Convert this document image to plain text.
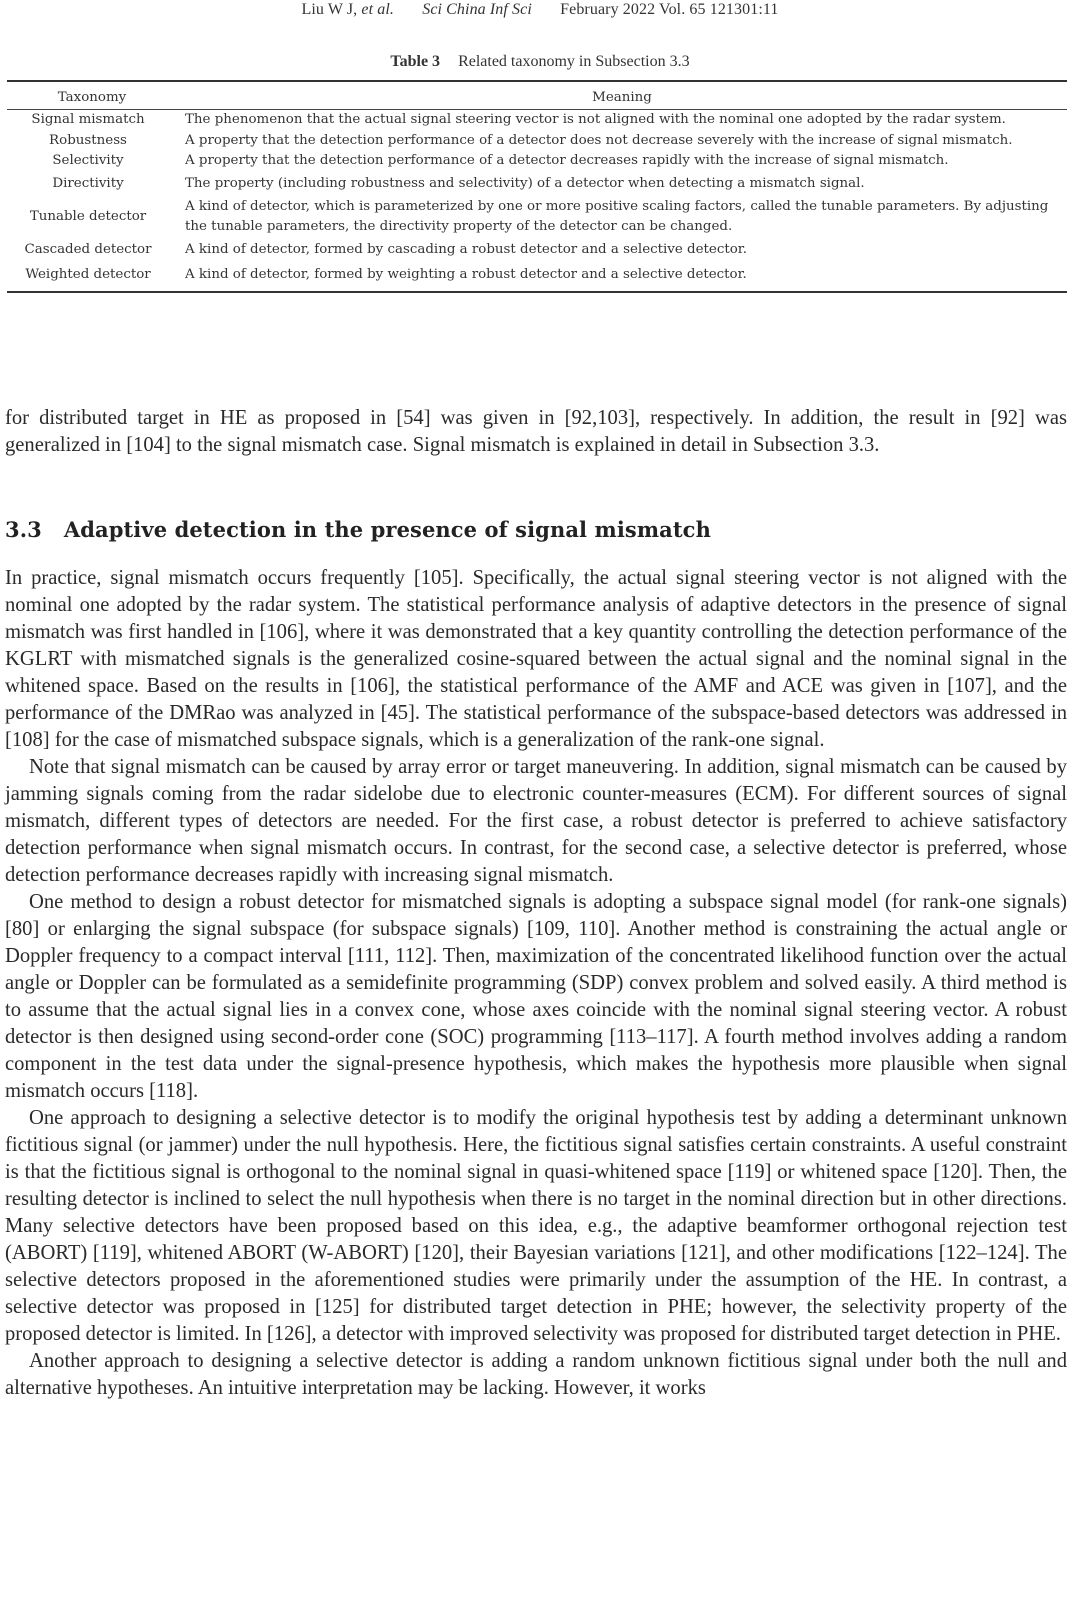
Liu W J, et al. Sci China Inf Sci February 2022 Vol. 65 121301:11
Table 3 Related taxonomy in Subsection 3.3
Taxonomy	Meaning
Signal mismatch	The phenomenon that the actual signal steering vector is not aligned with the nominal one adopted by the radar system.
Robustness	A property that the detection performance of a detector does not decrease severely with the increase of signal mismatch.
Selectivity	A property that the detection performance of a detector decreases rapidly with the increase of signal mismatch.
Directivity	The property (including robustness and selectivity) of a detector when detecting a mismatch signal.
Tunable detector	A kind of detector, which is parameterized by one or more positive scaling factors, called the tunable parameters. By adjusting the tunable parameters, the directivity property of the detector can be changed.
Cascaded detector	A kind of detector, formed by cascading a robust detector and a selective detector.
Weighted detector	A kind of detector, formed by weighting a robust detector and a selective detector.

for distributed target in HE as proposed in [54] was given in [92,103], respectively. In addition, the result in [92] was generalized in [104] to the signal mismatch case. Signal mismatch is explained in detail in Subsection 3.3.

3.3 Adaptive detection in the presence of signal mismatch

In practice, signal mismatch occurs frequently [105]. Specifically, the actual signal steering vector is not aligned with the nominal one adopted by the radar system. The statistical performance analysis of adaptive detectors in the presence of signal mismatch was first handled in [106], where it was demonstrated that a key quantity controlling the detection performance of the KGLRT with mismatched signals is the generalized cosine-squared between the actual signal and the nominal signal in the whitened space. Based on the results in [106], the statistical performance of the AMF and ACE was given in [107], and the performance of the DMRao was analyzed in [45]. The statistical performance of the subspace-based detectors was addressed in [108] for the case of mismatched subspace signals, which is a generalization of the rank-one signal.

Note that signal mismatch can be caused by array error or target maneuvering. In addition, signal mismatch can be caused by jamming signals coming from the radar sidelobe due to electronic counter-measures (ECM). For different sources of signal mismatch, different types of detectors are needed. For the first case, a robust detector is preferred to achieve satisfactory detection performance when signal mismatch occurs. In contrast, for the second case, a selective detector is preferred, whose detection performance decreases rapidly with increasing signal mismatch.

One method to design a robust detector for mismatched signals is adopting a subspace signal model (for rank-one signals) [80] or enlarging the signal subspace (for subspace signals) [109, 110]. Another method is constraining the actual angle or Doppler frequency to a compact interval [111, 112]. Then, maximization of the concentrated likelihood function over the actual angle or Doppler can be formulated as a semidefinite programming (SDP) convex problem and solved easily. A third method is to assume that the actual signal lies in a convex cone, whose axes coincide with the nominal signal steering vector. A robust detector is then designed using second-order cone (SOC) programming [113–117]. A fourth method involves adding a random component in the test data under the signal-presence hypothesis, which makes the hypothesis more plausible when signal mismatch occurs [118].

One approach to designing a selective detector is to modify the original hypothesis test by adding a determinant unknown fictitious signal (or jammer) under the null hypothesis. Here, the fictitious signal satisfies certain constraints. A useful constraint is that the fictitious signal is orthogonal to the nominal signal in quasi-whitened space [119] or whitened space [120]. Then, the resulting detector is inclined to select the null hypothesis when there is no target in the nominal direction but in other directions. Many selective detectors have been proposed based on this idea, e.g., the adaptive beamformer orthogonal rejection test (ABORT) [119], whitened ABORT (W-ABORT) [120], their Bayesian variations [121], and other modifications [122–124]. The selective detectors proposed in the aforementioned studies were primarily under the assumption of the HE. In contrast, a selective detector was proposed in [125] for distributed target detection in PHE; however, the selectivity property of the proposed detector is limited. In [126], a detector with improved selectivity was proposed for distributed target detection in PHE.

Another approach to designing a selective detector is adding a random unknown fictitious signal under both the null and alternative hypotheses. An intuitive interpretation may be lacking. However, it works
